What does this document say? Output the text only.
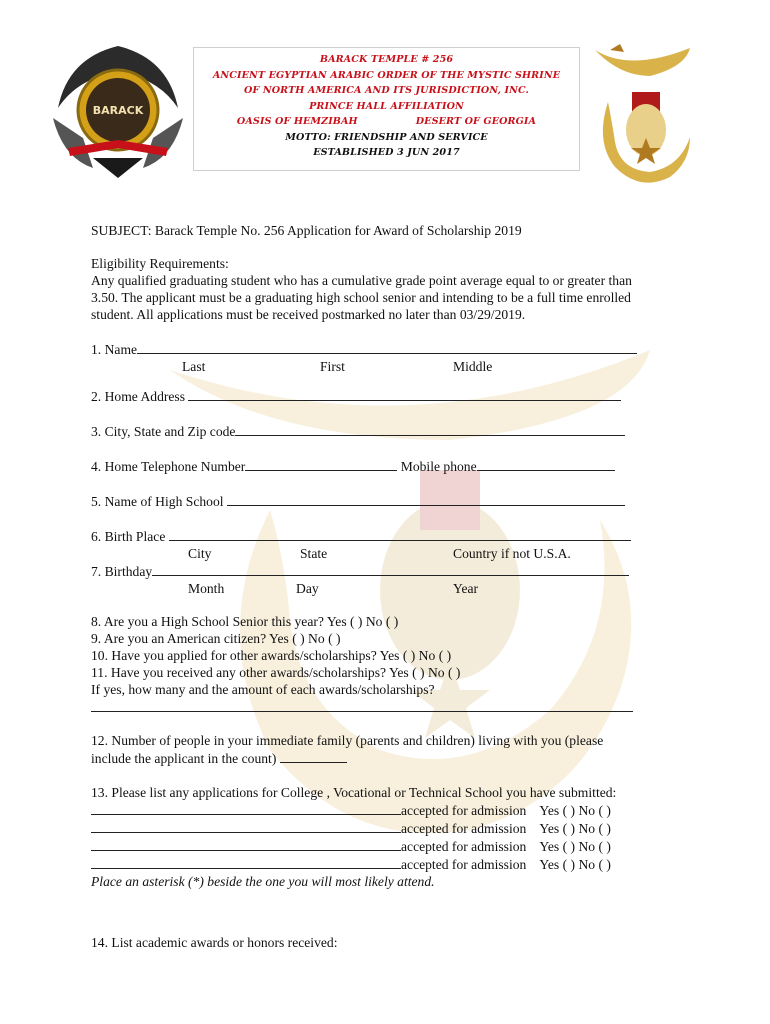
BARACK
BARACK TEMPLE # 256
ANCIENT EGYPTIAN ARABIC ORDER OF THE MYSTIC SHRINE
OF NORTH AMERICA AND ITS JURISDICTION, INC.
PRINCE HALL AFFILIATION
OASIS OF HEMZIBAH	DESERT OF GEORGIA
MOTTO: FRIENDSHIP AND SERVICE
ESTABLISHED 3 JUN 2017

SUBJECT: Barack Temple No. 256 Application for Award of Scholarship 2019

Eligibility Requirements:

Any qualified graduating student who has a cumulative grade point average equal to or greater than

3.50. The applicant must be a graduating high school senior and intending to be a full time enrolled

student. All applications must be received postmarked no later than 03/29/2019.

1. Name

Last	First	Middle

2. Home Address

3. City, State and Zip code

4. Home Telephone Number	Mobile phone

5. Name of High School

6. Birth Place

City	State	Country if not U.S.A.

7. Birthday

Month	Day	Year

8. Are you a High School Senior this year? Yes ( ) No ( )

9. Are you an American citizen? Yes ( ) No ( )

10. Have you applied for other awards/scholarships? Yes ( ) No ( )

11. Have you received any other awards/scholarships? Yes ( ) No ( )

If yes, how many and the amount of each awards/scholarships?

12. Number of people in your immediate family (parents and children) living with you (please

include the applicant in the count)

13. Please list any applications for College , Vocational or Technical School you have submitted:

accepted for admission Yes ( ) No ( )

accepted for admission Yes ( ) No ( )

accepted for admission Yes ( ) No ( )

accepted for admission Yes ( ) No ( )

Place an asterisk (*) beside the one you will most likely attend.

14. List academic awards or honors received:
